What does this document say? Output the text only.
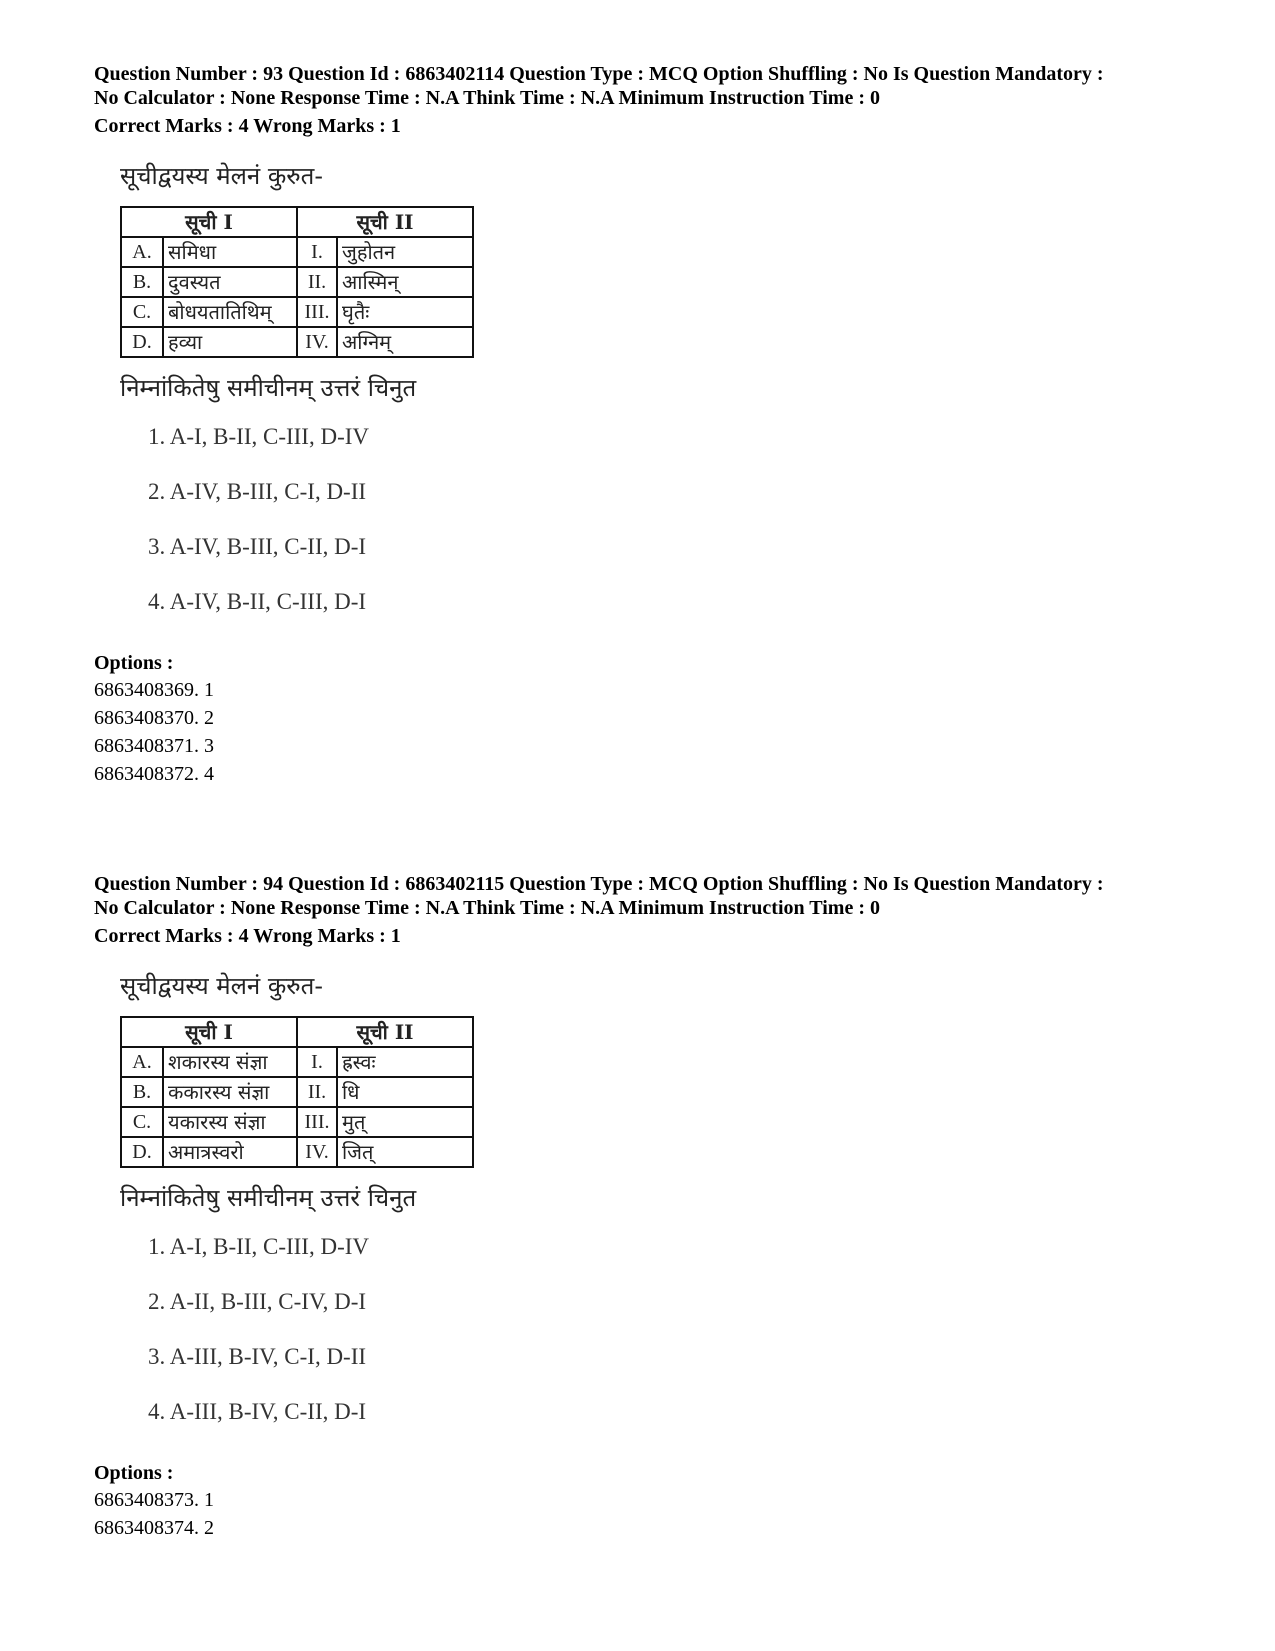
Question Number : 93 Question Id : 6863402114 Question Type : MCQ Option Shuffling : No Is Question Mandatory :

No Calculator : None Response Time : N.A Think Time : N.A Minimum Instruction Time : 0

Correct Marks : 4 Wrong Marks : 1

सूचीद्वयस्य मेलनं कुरुत-
सूची I		सूची II	
A.	समिधा	I.	जुहोतन
B.	दुवस्यत	II.	आस्मिन्
C.	बोधयतातिथिम्	III.	घृतैः
D.	हव्या	IV.	अग्निम्
निम्नांकितेषु समीचीनम् उत्तरं चिनुत
1. A-I, B-II, C-III, D-IV
2. A-IV, B-III, C-I, D-II
3. A-IV, B-III, C-II, D-I
4. A-IV, B-II, C-III, D-I

Options :

6863408369. 1

6863408370. 2

6863408371. 3

6863408372. 4

Question Number : 94 Question Id : 6863402115 Question Type : MCQ Option Shuffling : No Is Question Mandatory :

No Calculator : None Response Time : N.A Think Time : N.A Minimum Instruction Time : 0

Correct Marks : 4 Wrong Marks : 1

सूचीद्वयस्य मेलनं कुरुत-
सूची I		सूची II	
A.	शकारस्य संज्ञा	I.	ह्रस्वः
B.	ककारस्य संज्ञा	II.	धि
C.	यकारस्य संज्ञा	III.	मुत्
D.	अमात्रस्वरो	IV.	जित्
निम्नांकितेषु समीचीनम् उत्तरं चिनुत
1. A-I, B-II, C-III, D-IV
2. A-II, B-III, C-IV, D-I
3. A-III, B-IV, C-I, D-II
4. A-III, B-IV, C-II, D-I

Options :

6863408373. 1

6863408374. 2
